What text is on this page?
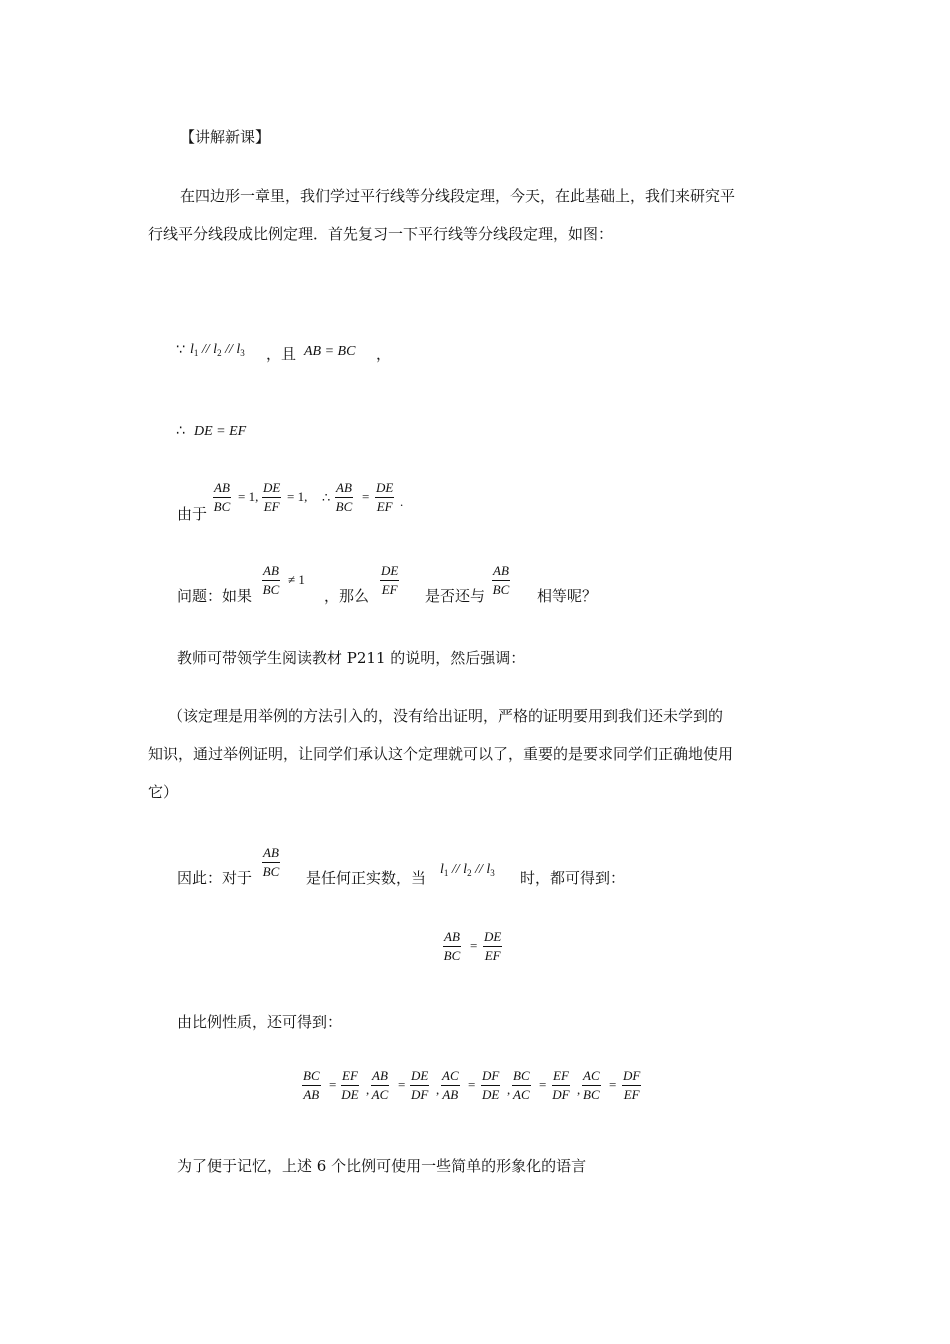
【讲解新课】
在四边形一章里，我们学过平行线等分线段定理，今天，在此基础上，我们来研究平
行线平分线段成比例定理．首先复习一下平行线等分线段定理，如图：
∵ $l_1 // l_2 // l_3$ ，且 AB = BC ，
∴ DE = EF
由于 $\frac{AB}{BC} = 1$, $\frac{DE}{EF} = 1$, ∴ $\frac{AB}{BC} = \frac{DE}{EF}$ .
问题：如果 $\frac{AB}{BC} \ne 1$
，那么 $\frac{DE}{EF}$ 是否还与 $\frac{AB}{BC}$ 相等呢？
教师可带领学生阅读教材 P211 的说明，然后强调：
（该定理是用举例的方法引入的，没有给出证明，严格的证明要用到我们还未学到的
知识，通过举例证明，让同学们承认这个定理就可以了，重要的是要求同学们正确地使用
它）
因此：对于 $\frac{AB}{BC}$ 是任何正实数，当 $l_1 // l_2 // l_3$ 时，都可得到：
$\frac{AB}{BC} = \frac{DE}{EF}$
由比例性质，还可得到：
$\frac{BC}{AB} = \frac{EF}{DE}$ , $\frac{AB}{AC} = \frac{DE}{DF}$ , $\frac{AC}{AB} = \frac{DF}{DE}$ , $\frac{BC}{AC} = \frac{EF}{DF}$ , $\frac{AC}{BC} = \frac{DF}{EF}$
为了便于记忆，上述 6 个比例可使用一些简单的形象化的语言
